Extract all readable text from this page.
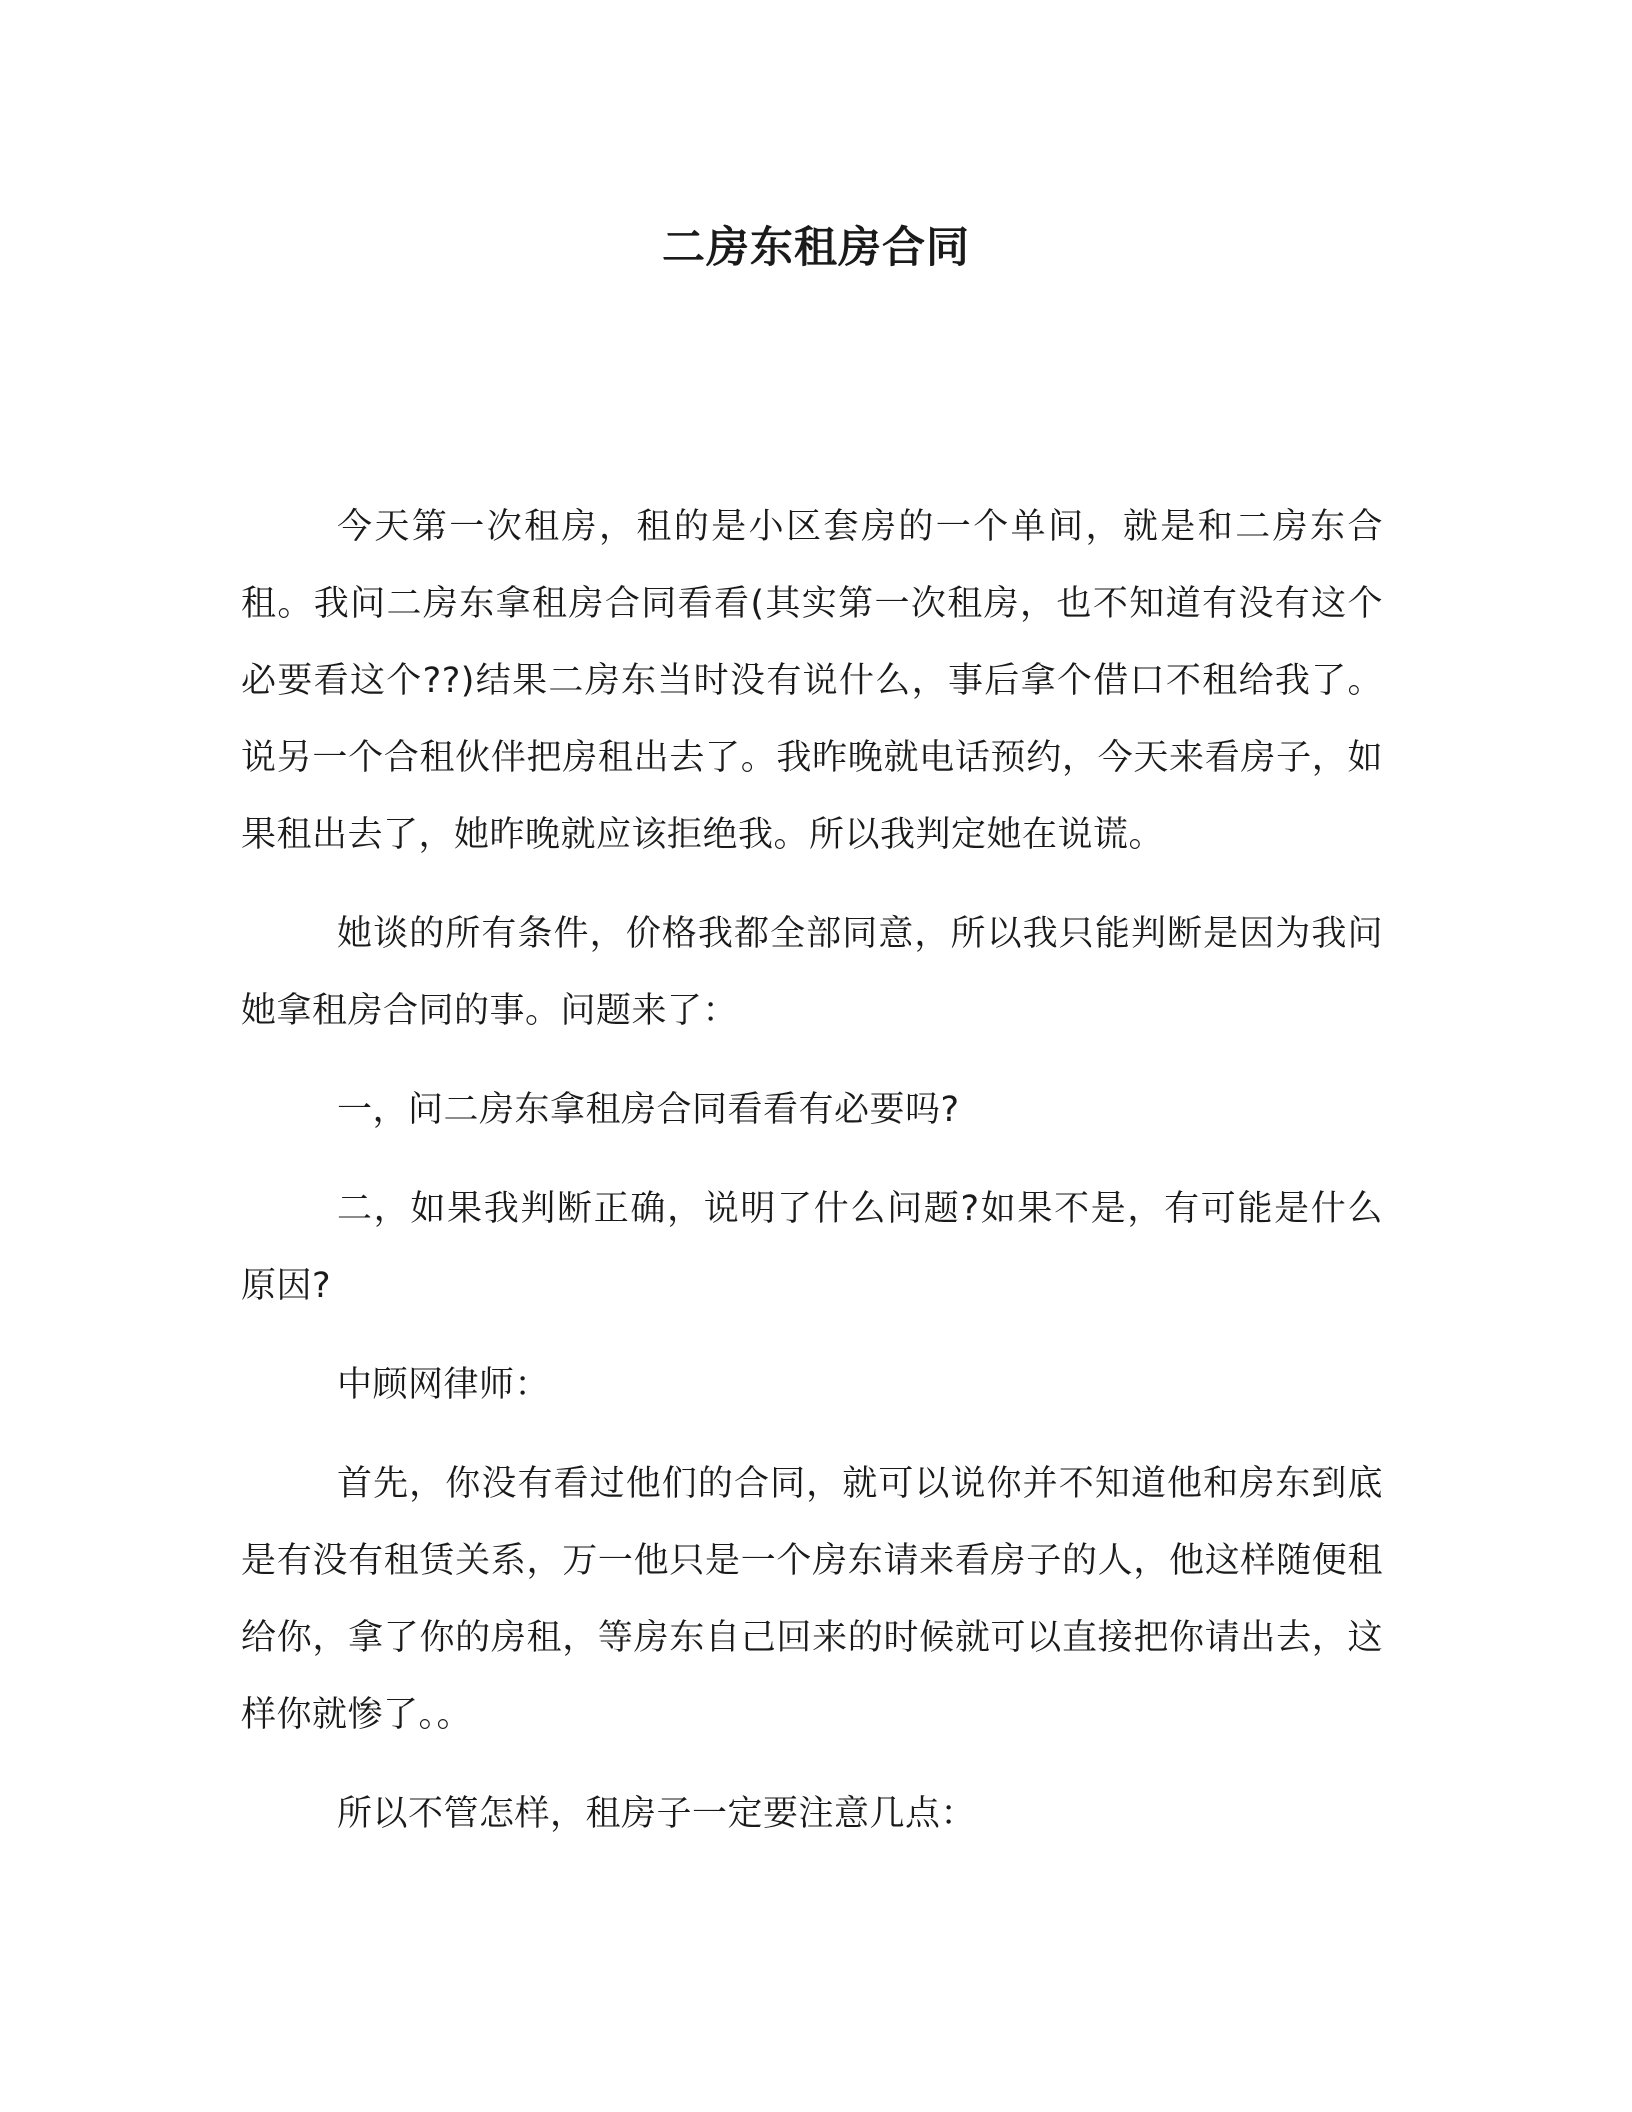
二房东租房合同

今天第一次租房，租的是小区套房的一个单间，就是和二房东合租。我问二房东拿租房合同看看(其实第一次租房，也不知道有没有这个必要看这个??)结果二房东当时没有说什么，事后拿个借口不租给我了。说另一个合租伙伴把房租出去了。我昨晚就电话预约，今天来看房子，如果租出去了，她昨晚就应该拒绝我。所以我判定她在说谎。

她谈的所有条件，价格我都全部同意，所以我只能判断是因为我问她拿租房合同的事。问题来了：

一，问二房东拿租房合同看看有必要吗?

二，如果我判断正确，说明了什么问题?如果不是，有可能是什么原因?

中顾网律师：

首先，你没有看过他们的合同，就可以说你并不知道他和房东到底是有没有租赁关系，万一他只是一个房东请来看房子的人，他这样随便租给你，拿了你的房租，等房东自己回来的时候就可以直接把你请出去，这样你就惨了。。

所以不管怎样，租房子一定要注意几点：
